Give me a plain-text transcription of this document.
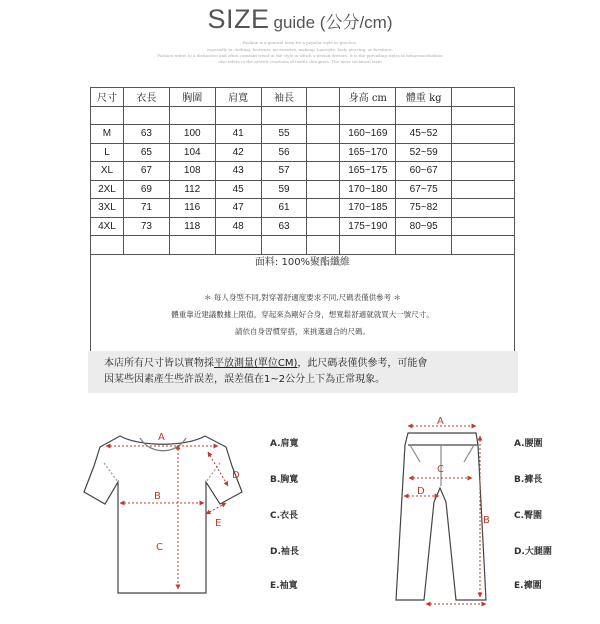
SIZE guide (公分/cm)
Fashion is a general term for a popular style or practice,
especially in clothing, footwear, accessories, makeup, hairstyle, body piercing, or furniture.
Fashion refers to a distinctive and often constant trend in the style in which a person dresses. It is the prevailing styles in behaviour/fashion
also refers to the newest creations of textile designers. The more technical term
尺寸	衣長	胸圍	肩寬	袖長		身高 cm	體重 kg	

M	63	100	41	55		160~169	45~52	
L	65	104	42	56		165~170	52~59	
XL	67	108	43	57		165~175	60~67	
2XL	69	112	45	59		170~180	67~75	
3XL	71	116	47	61		170~185	75~82	
4XL	73	118	48	63		175~190	80~95	

面料: 100%聚酯纖維
＊ 每人身型不同,對穿著舒適度要求不同,尺碼表僅供參考 ＊
體重靠近建議數據上限值，穿起來為剛好合身，想寬鬆舒適就就買大一號尺寸。
請依自身習慣穿搭，來挑選適合的尺碼。
本店所有尺寸皆以實物採平放測量(單位CM)，此尺碼表僅供參考，可能會
因某些因素產生些許誤差，誤差值在1~2公分上下為正常現象。
A
B
C
D
E
A
C
D
B
A.肩寬
B.胸寬
C.衣長
D.袖長
E.袖寬
A.腰圍
B.褲長
C.臀圍
D.大腿圍
E.褲圍
